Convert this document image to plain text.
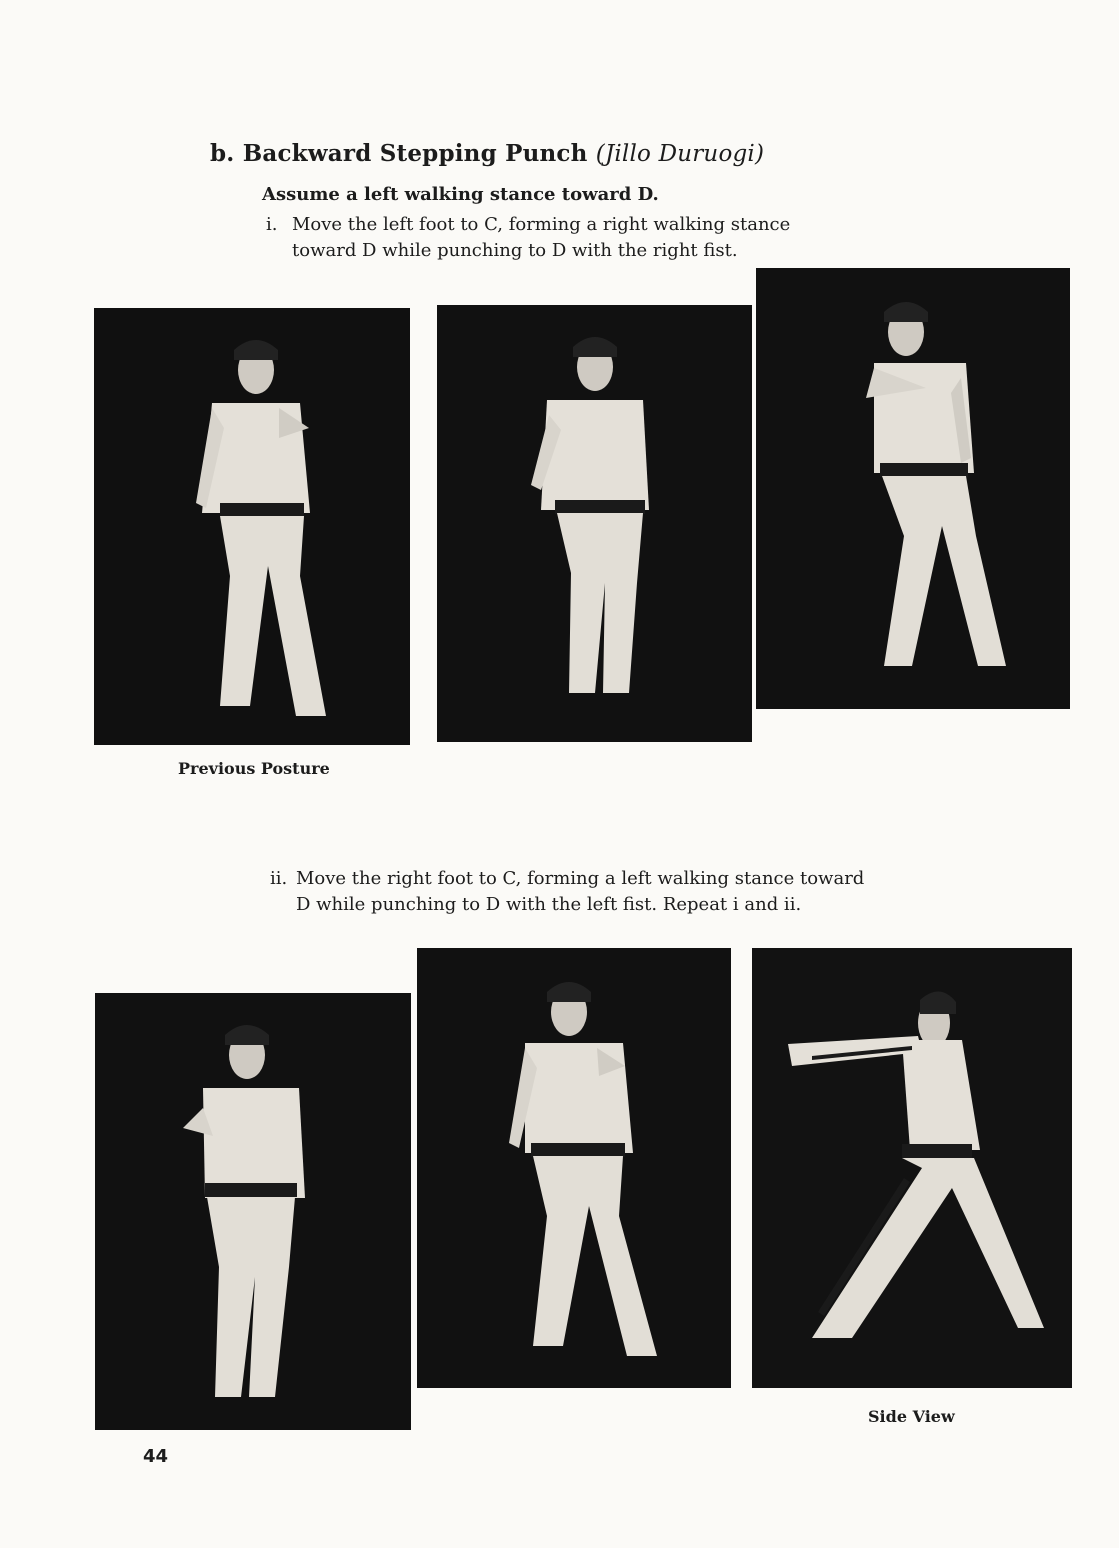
b. Backward Stepping Punch (Jillo Duruogi)
Assume a left walking stance toward D.
i. Move the left foot to C, forming a right walking stance
toward D while punching to D with the right fist.
Previous Posture
ii. Move the right foot to C, forming a left walking stance toward
D while punching to D with the left fist. Repeat i and ii.
Side View
44
